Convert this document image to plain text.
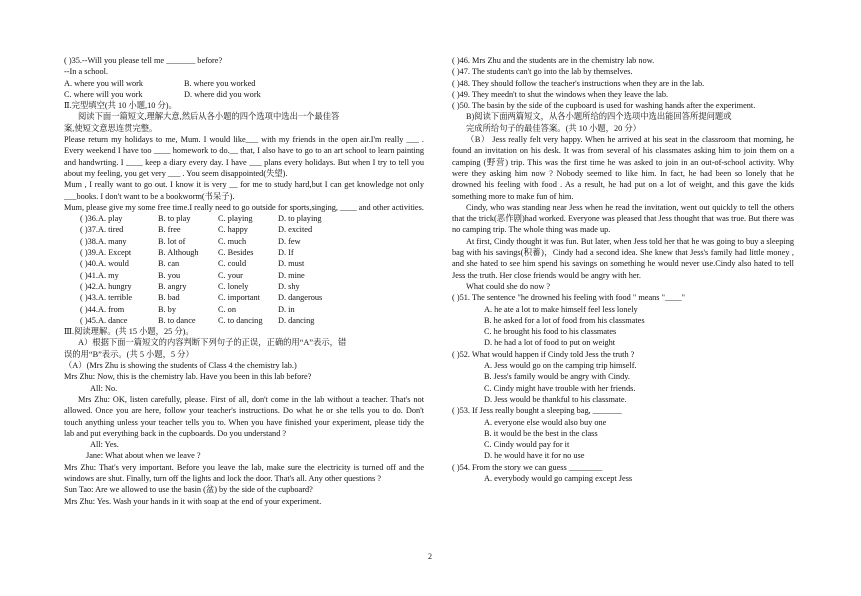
( )35.--Will you please tell me _______ before?
--In a school.
A. where you will work	B. where you worked
C. where will you work	D. where did you work
Ⅱ.完型填空(共 10 小题,10 分)。
阅读下面一篇短文,理解大意,然后从各小题的四个选项中选出一个最佳答
案,使短文意思连贯完整。
Please return my holidays to me, Mum. I would like___ with my friends in the open air.I'm really ___ . Every weekend I have too ____ homework to do.__ that, I also have to go to an art school to learn painting and handwrting. I ____ keep a diary every day. I have ___ plans every holidays. But when I try to tell you about my feeling, you get very ___ . You seem disappointed(失望).
Mum , I really want to go out. I know it is very __ for me to study hard,but I can get knowledge not only ___books. I don't want to be a bookworm(书呆子).
Mum, please give my some free time.I really need to go outside for sports,singing, ____ and other activities.
( )36.A. play	B. to play	C. playing	D. to playing
( )37.A. tired	B. free	C. happy	D. excited
( )38.A. many	B. lot of	C. much	D. few
( )39.A. Except	B. Although	C. Besides	D. If
( )40.A. would	B. can	C. could	D. must
( )41.A. my	B. you	C. your	D. mine
( )42.A. hungry	B. angry	C. lonely	D. shy
( )43.A. terrible	B. bad	C. important	D. dangerous
( )44.A. from	B. by	C. on	D. in
( )45.A. dance	B. to dance	C. to dancing	D. dancing
Ⅲ.阅读理解。(共 15 小题，25 分)。
A）根据下面一篇短文的内容判断下列句子的正误，正确的用“A”表示，错
误的用“B”表示。(共 5 小题，5 分）
（A）(Mrs Zhu is showing the students of Class 4 the chemistry lab.)
Mrs Zhu: Now, this is the chemistry lab. Have you been in this lab before?
All: No.
Mrs Zhu: OK, listen carefully, please. First of all, don't come in the lab without a teacher. That's not allowed. Once you are here, follow your teacher's instructions. Do what he or she tells you to do. Don't touch anything unless your teacher tells you to. When you have finished your experiment, please tidy the lab and put everything back in the cupboards. Do you understand ?
All: Yes.
Jane: What about when we leave ?
Mrs Zhu: That's very important. Before you leave the lab, make sure the electricity is turned off and the windows are shut. Finally, turn off the lights and lock the door. That's all. Any other questions ?
Sun Tao: Are we allowed to use the basin (盆) by the side of the cupboard?
Mrs Zhu: Yes. Wash your hands in it with soap at the end of your experiment.
( )46. Mrs Zhu and the students are in the chemistry lab now.
( )47. The students can't go into the lab by themselves.
( )48. They should follow the teacher's instructions when they are in the lab.
( )49. They meedn't to shut the windows when they leave the lab.
( )50. The basin by the side of the cupboard is used for washing hands after the experiment.
B)阅读下面两篇短文，从各小题所给的四个选项中选出能回答所提问题或
完成所给句子的最佳答案。(共 10 小题，20 分）
（B） Jess really felt very happy. When he arrived at his seat in the classroom that morning, he found an invitation on his desk. It was from several of his classmates asking him to join them on a camping (野营) trip. This was the first time he was asked to join in an out-of-school activity. Why were they asking him now ? Nobody seemed to like him. In fact, he had been so lonely that he drowned his feeling with food . As a result, he had put on a lot of weight, and this gave the kids something more to make fun of him.
Cindy, who was standing near Jess when he read the invitation, went out quickly to tell the others that the trick(恶作剧)had worked. Everyone was pleased that Jess thought that was true. But there was no camping trip. The whole thing was made up.
At first, Cindy thought it was fun. But later, when Jess told her that he was going to buy a sleeping bag with his savings(积蓄)，Cindy had a second idea. She knew that Jess's family had little money , and she hated to see him spend his savings on something he would never use.Cindy also hated to tell Jess the truth. Her close friends would be angry with her.
What could she do now ?
( )51. The sentence "he drowned his feeling with food " means "____"
A. he ate a lot to make himself feel less lonely
B. he asked for a lot of food from his classmates
C. he brought his food to his classmates
D. he had a lot of food to put on weight
( )52. What would happen if Cindy told Jess the truth ?
A. Jess would go on the camping trip himself.
B. Jess's family would be angry with Cindy.
C. Cindy might have trouble with her friends.
D. Jess would be thankful to his classmate.
( )53. If Jess really bought a sleeping bag, _______
A. everyone else would also buy one
B. it would be the best in the class
C. Cindy would pay for it
D. he would have it for no use
( )54. From the story we can guess ________
A. everybody would go camping except Jess
2
